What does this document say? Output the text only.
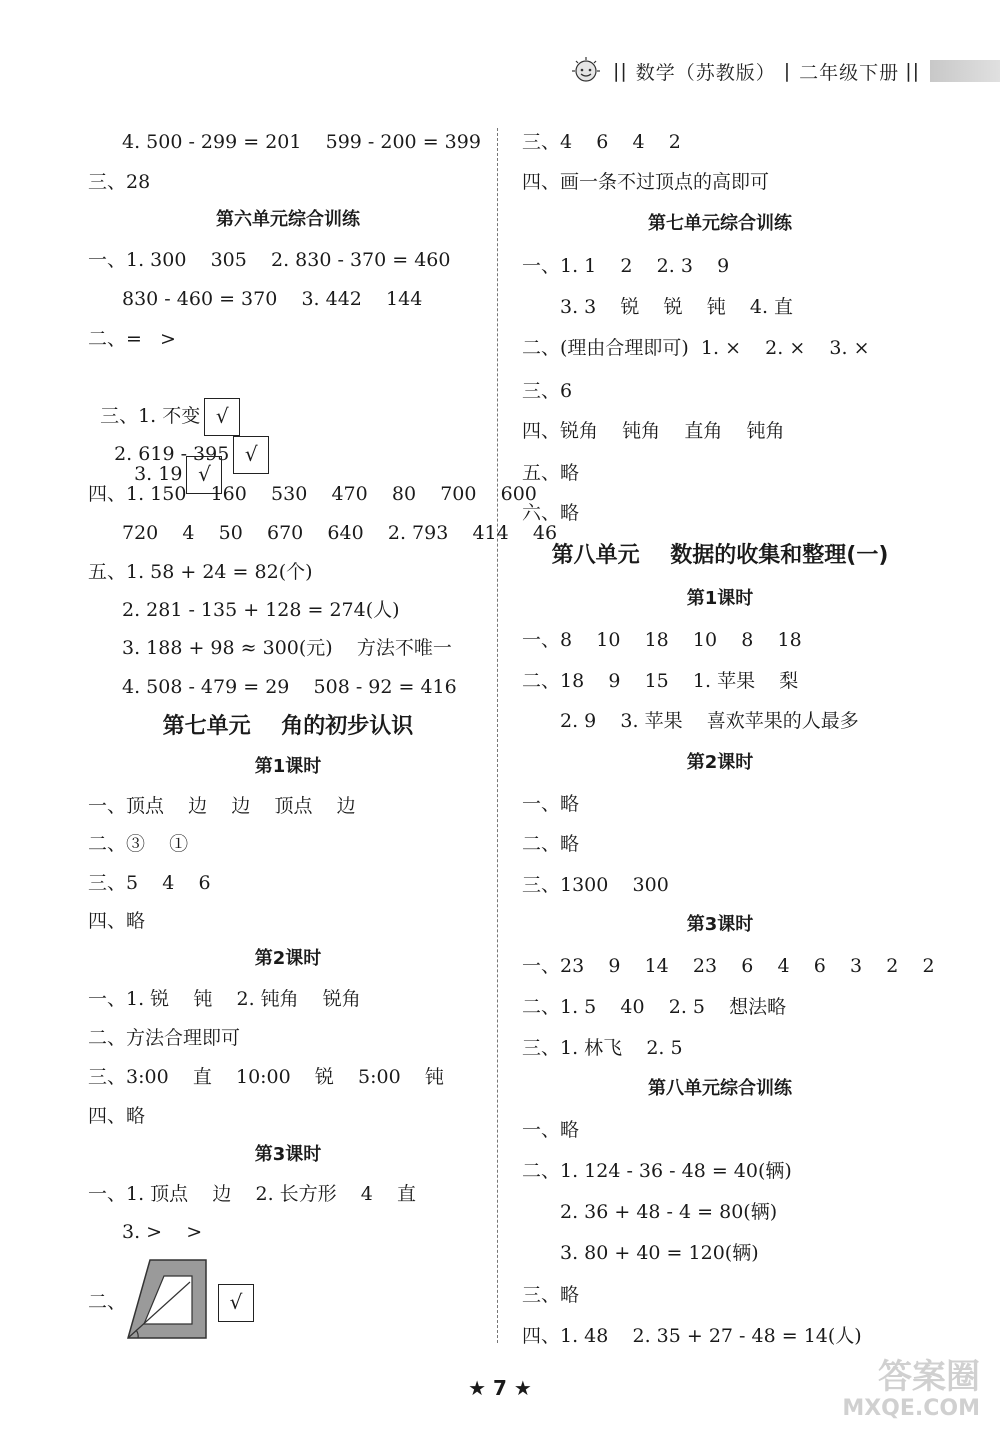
|| 数学（苏教版） | 二年级下册 ||
4. 500 - 299 = 201    599 - 200 = 399
三、28
第六单元综合训练
一、1. 300    305    2. 830 - 370 = 460
830 - 460 = 370    3. 442    144
二、=   >

三、1. 不变 √
2. 619 - 395 √

3. 19 √

四、1. 150    160    530    470    80    700    600
720    4    50    670    640    2. 793    414    46
五、1. 58 + 24 = 82(个)
2. 281 - 135 + 128 = 274(人)
3. 188 + 98 ≈ 300(元)    方法不唯一
4. 508 - 479 = 29    508 - 92 = 416
第七单元    角的初步认识
第1课时
一、顶点    边    边    顶点    边
二、③    ①
三、5    4    6
四、略
第2课时
一、1. 锐    钝    2. 钝角    锐角
二、方法合理即可
三、3:00    直    10:00    锐    5:00    钝
四、略
第3课时
一、1. 顶点    边    2. 长方形    4    直
3. >    >
二、	√
三、4    6    4    2
四、画一条不过顶点的高即可
第七单元综合训练
一、1. 1    2    2. 3    9
3. 3    锐    锐    钝    4. 直
二、(理由合理即可)  1. ×    2. ×    3. ×
三、6
四、锐角    钝角    直角    钝角
五、略
六、略
第八单元    数据的收集和整理(一)
第1课时
一、8    10    18    10    8    18
二、18    9    15    1. 苹果    梨
2. 9    3. 苹果    喜欢苹果的人最多
第2课时
一、略
二、略
三、1300    300
第3课时
一、23    9    14    23    6    4    6    3    2    2
二、1. 5    40    2. 5    想法略
三、1. 林飞    2. 5
第八单元综合训练
一、略
二、1. 124 - 36 - 48 = 40(辆)
2. 36 + 48 - 4 = 80(辆)
3. 80 + 40 = 120(辆)
三、略
四、1. 48    2. 35 + 27 - 48 = 14(人)
★ 7 ★	答案圈
MXQE.COM
